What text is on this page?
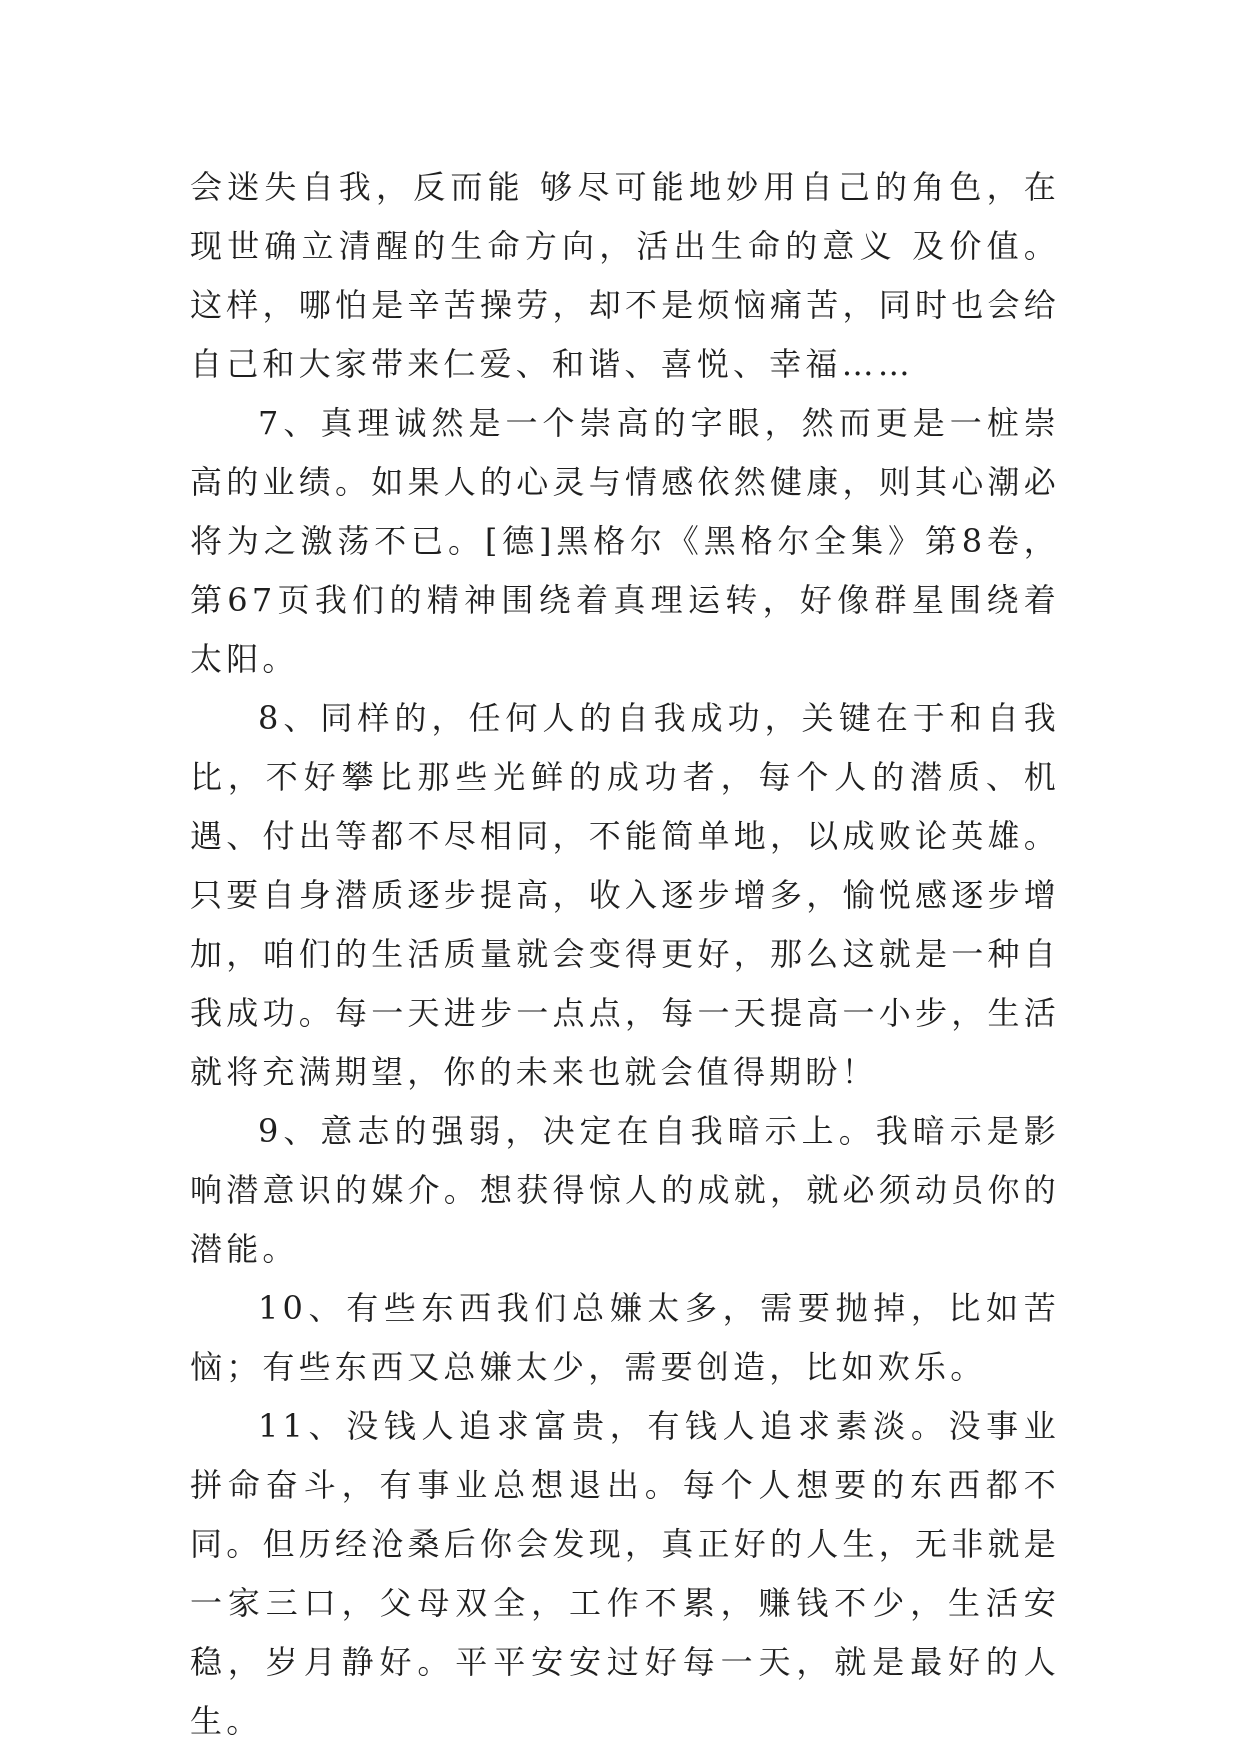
会迷失自我，反而能 够尽可能地妙用自己的角色，在现世确立清醒的生命方向，活出生命的意义 及价值。这样，哪怕是辛苦操劳，却不是烦恼痛苦，同时也会给自己和大家带来仁爱、和谐、喜悦、幸福……

7、真理诚然是一个崇高的字眼，然而更是一桩崇高的业绩。如果人的心灵与情感依然健康，则其心潮必将为之激荡不已。[德]黑格尔《黑格尔全集》第8卷，第67页我们的精神围绕着真理运转，好像群星围绕着太阳。

8、同样的，任何人的自我成功，关键在于和自我比，不好攀比那些光鲜的成功者，每个人的潜质、机遇、付出等都不尽相同，不能简单地，以成败论英雄。只要自身潜质逐步提高，收入逐步增多，愉悦感逐步增加，咱们的生活质量就会变得更好，那么这就是一种自我成功。每一天进步一点点，每一天提高一小步，生活就将充满期望，你的未来也就会值得期盼！

9、意志的强弱，决定在自我暗示上。我暗示是影响潜意识的媒介。想获得惊人的成就，就必须动员你的潜能。

10、有些东西我们总嫌太多，需要抛掉，比如苦恼；有些东西又总嫌太少，需要创造，比如欢乐。

11、没钱人追求富贵，有钱人追求素淡。没事业拼命奋斗，有事业总想退出。每个人想要的东西都不同。但历经沧桑后你会发现，真正好的人生，无非就是一家三口，父母双全，工作不累，赚钱不少，生活安稳，岁月静好。平平安安过好每一天，就是最好的人生。
